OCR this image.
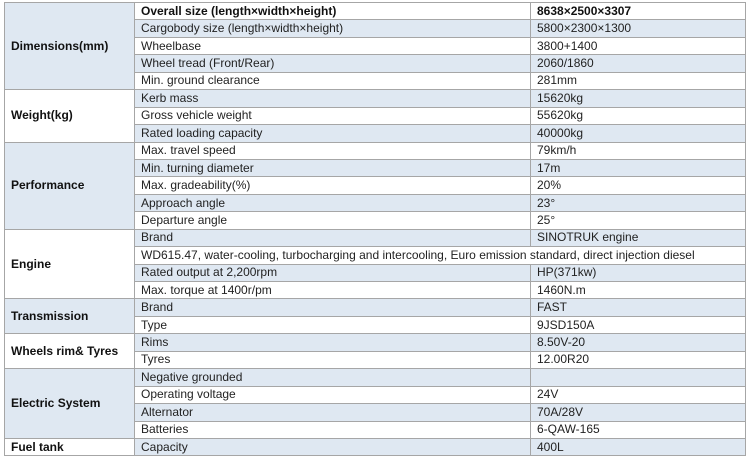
Dimensions(mm)	Overall size (length×width×height)	8638×2500×3307
	Cargobody size (length×width×height)	5800×2300×1300
	Wheelbase	3800+1400
	Wheel tread (Front/Rear)	2060/1860
	Min. ground clearance	281mm
Weight(kg)	Kerb mass	15620kg
	Gross vehicle weight	55620kg
	Rated loading capacity	40000kg
Performance	Max. travel speed	79km/h
	Min. turning diameter	17m
	Max. gradeability(%)	20%
	Approach angle	23°
	Departure angle	25°
Engine	Brand	SINOTRUK engine
	WD615.47, water-cooling, turbocharging and intercooling, Euro emission standard, direct injection diesel	
	Rated output at 2,200rpm	HP(371kw)
	Max. torque at 1400r/pm	1460N.m
Transmission	Brand	FAST
	Type	9JSD150A
Wheels rim& Tyres	Rims	8.50V-20
	Tyres	12.00R20
Electric System	Negative grounded	
	Operating voltage	24V
	Alternator	70A/28V
	Batteries	6-QAW-165
Fuel tank	Capacity	400L
